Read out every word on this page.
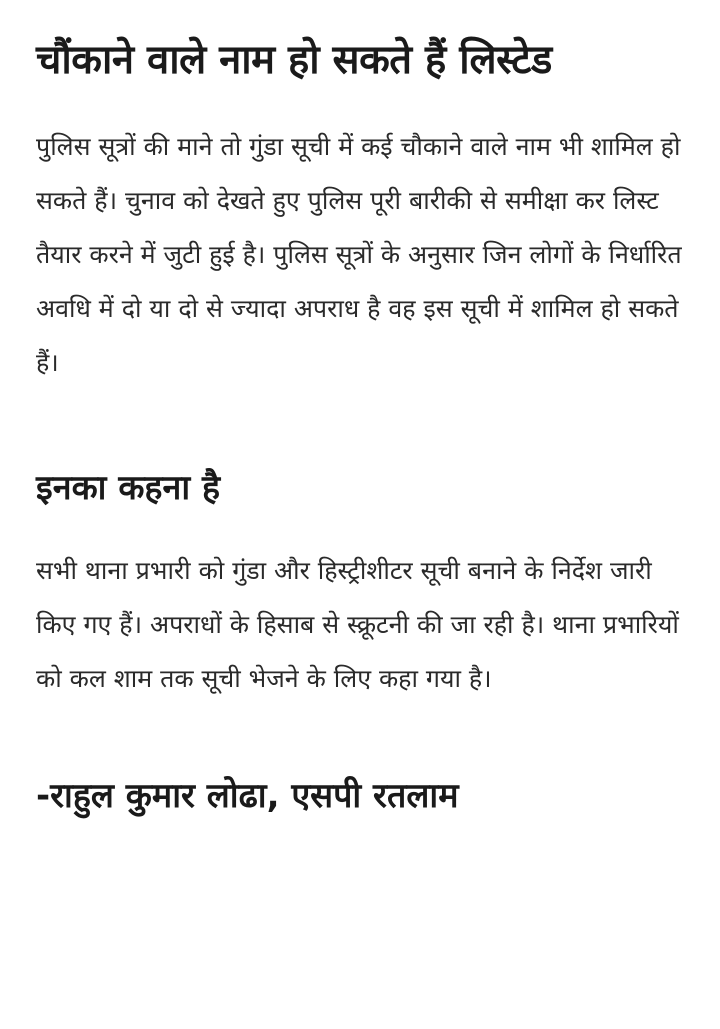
चौंकाने वाले नाम हो सकते हैं लिस्टेड

पुलिस सूत्रों की माने तो गुंडा सूची में कई चौकाने वाले नाम भी शामिल हो सकते हैं। चुनाव को देखते हुए पुलिस पूरी बारीकी से समीक्षा कर लिस्ट तैयार करने में जुटी हुई है। पुलिस सूत्रों के अनुसार जिन लोगों के निर्धारित अवधि में दो या दो से ज्यादा अपराध है वह इस सूची में शामिल हो सकते हैं।

इनका कहना है

सभी थाना प्रभारी को गुंडा और हिस्ट्रीशीटर सूची बनाने के निर्देश जारी किए गए हैं। अपराधों के हिसाब से स्क्रूटनी की जा रही है। थाना प्रभारियों को कल शाम तक सूची भेजने के लिए कहा गया है।

-राहुल कुमार लोढा, एसपी रतलाम
